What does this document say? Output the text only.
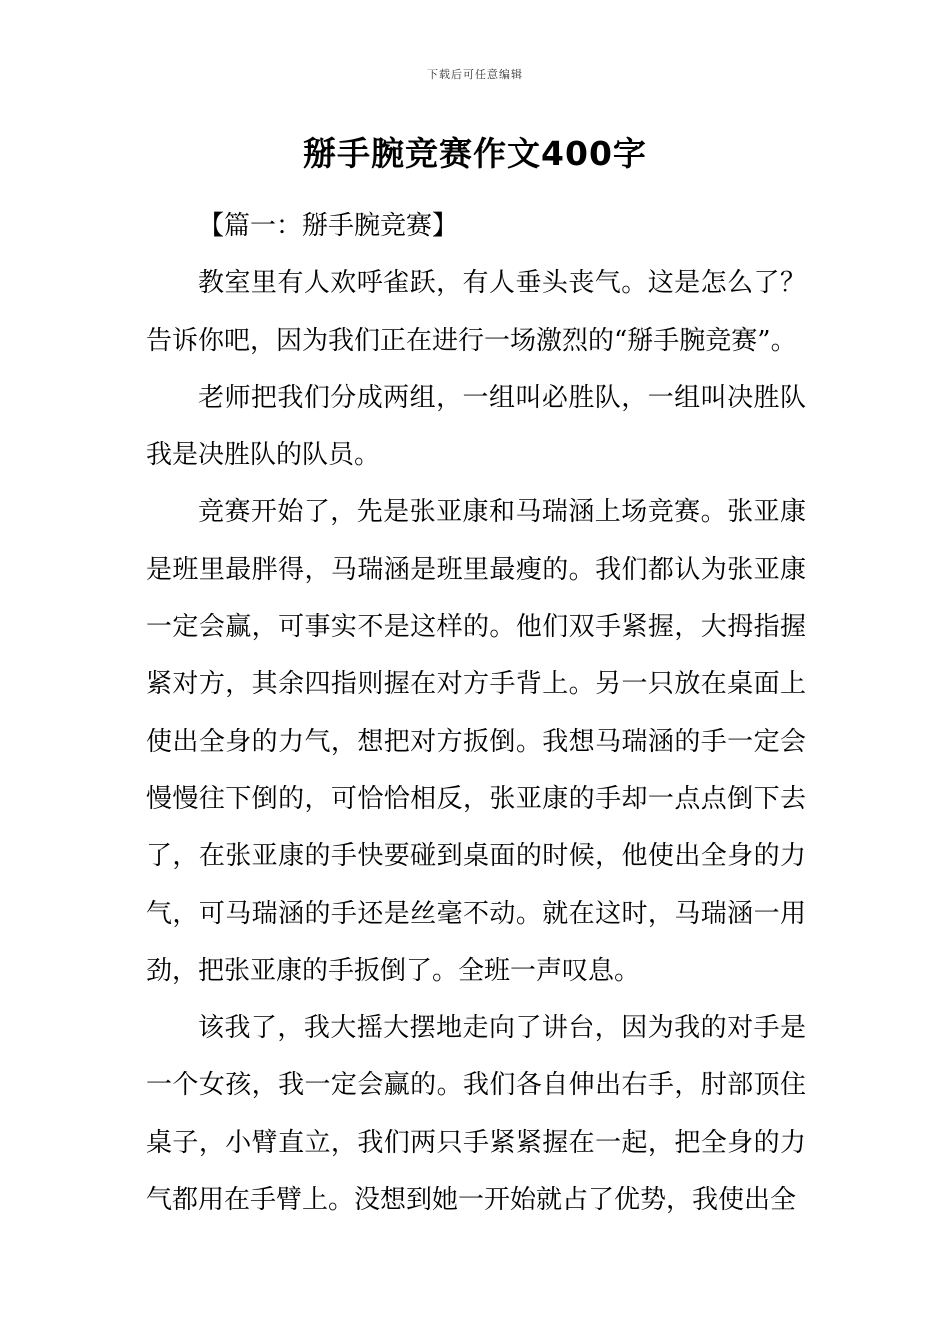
下载后可任意编辑
掰手腕竞赛作文400字

【篇一：掰手腕竞赛】

教室里有人欢呼雀跃，有人垂头丧气。这是怎么了？告诉你吧，因为我们正在进行一场激烈的“掰手腕竞赛”。

老师把我们分成两组，一组叫必胜队，一组叫决胜队我是决胜队的队员。

竞赛开始了，先是张亚康和马瑞涵上场竞赛。张亚康是班里最胖得，马瑞涵是班里最瘦的。我们都认为张亚康一定会赢，可事实不是这样的。他们双手紧握，大拇指握紧对方，其余四指则握在对方手背上。另一只放在桌面上使出全身的力气，想把对方扳倒。我想马瑞涵的手一定会慢慢往下倒的，可恰恰相反，张亚康的手却一点点倒下去了，在张亚康的手快要碰到桌面的时候，他使出全身的力气，可马瑞涵的手还是丝毫不动。就在这时，马瑞涵一用劲，把张亚康的手扳倒了。全班一声叹息。

该我了，我大摇大摆地走向了讲台，因为我的对手是一个女孩，我一定会赢的。我们各自伸出右手，肘部顶住桌子，小臂直立，我们两只手紧紧握在一起，把全身的力气都用在手臂上。没想到她一开始就占了优势，我使出全
